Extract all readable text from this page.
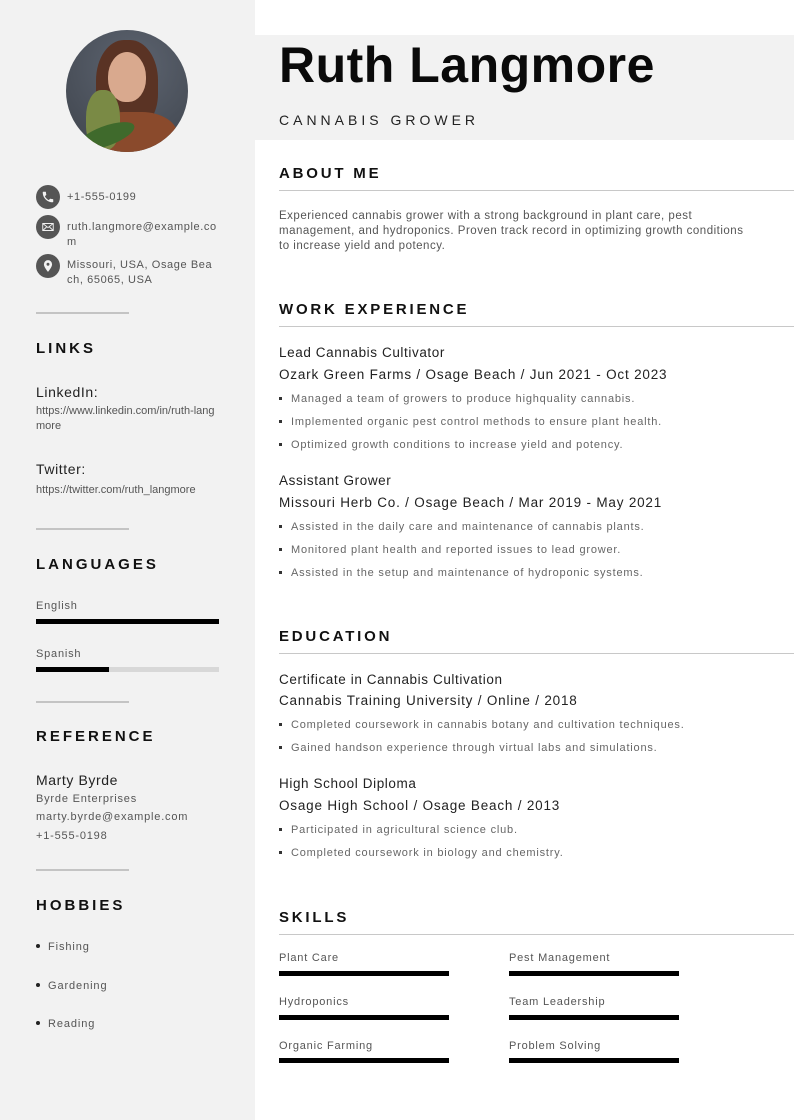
+1-555-0199
ruth.langmore@example.com
Missouri, USA, Osage Beach, 65065, USA
LINKS
LinkedIn:
https://www.linkedin.com/in/ruth-langmore
Twitter:
https://twitter.com/ruth_langmore
LANGUAGES
English
Spanish
REFERENCE
Marty Byrde
Byrde Enterprises
marty.byrde@example.com
+1-555-0198
HOBBIES
Fishing
Gardening
Reading
Ruth Langmore
CANNABIS GROWER
ABOUT ME

Experienced cannabis grower with a strong background in plant care, pest management, and hydroponics. Proven track record in optimizing growth conditions to increase yield and potency.

WORK EXPERIENCE
Lead Cannabis Cultivator
Ozark Green Farms / Osage Beach / Jun 2021 - Oct 2023
Managed a team of growers to produce highquality cannabis.
Implemented organic pest control methods to ensure plant health.
Optimized growth conditions to increase yield and potency.
Assistant Grower
Missouri Herb Co. / Osage Beach / Mar 2019 - May 2021
Assisted in the daily care and maintenance of cannabis plants.
Monitored plant health and reported issues to lead grower.
Assisted in the setup and maintenance of hydroponic systems.
EDUCATION
Certificate in Cannabis Cultivation
Cannabis Training University / Online / 2018
Completed coursework in cannabis botany and cultivation techniques.
Gained handson experience through virtual labs and simulations.
High School Diploma
Osage High School / Osage Beach / 2013
Participated in agricultural science club.
Completed coursework in biology and chemistry.
SKILLS
Plant Care	Pest Management
Hydroponics	Team Leadership
Organic Farming	Problem Solving
